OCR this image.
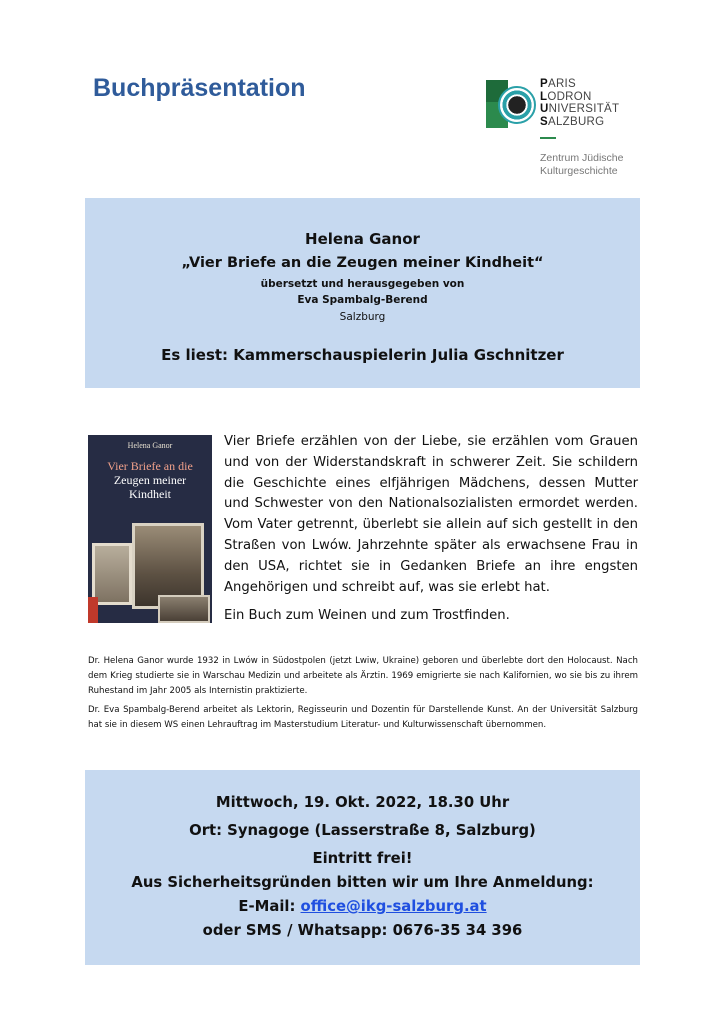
Buchpräsentation	PARIS
LODRON
UNIVERSITÄT
SALZBURG
Zentrum Jüdische
Kulturgeschichte
Helena Ganor
„Vier Briefe an die Zeugen meiner Kindheit“
übersetzt und herausgegeben von
Eva Spambalg-Berend
Salzburg
Es liest: Kammerschauspielerin Julia Gschnitzer
Helena Ganor
Vier Briefe an die
Zeugen meiner
Kindheit

Vier Briefe erzählen von der Liebe, sie erzählen vom Grauen und von der Widerstandskraft in schwerer Zeit. Sie schildern die Geschichte eines elfjährigen Mädchens, dessen Mutter und Schwester von den Nationalsozialisten ermordet werden. Vom Vater getrennt, überlebt sie allein auf sich gestellt in den Straßen von Lwów. Jahrzehnte später als erwachsene Frau in den USA, richtet sie in Gedanken Briefe an ihre engsten Angehörigen und schreibt auf, was sie erlebt hat.

Ein Buch zum Weinen und zum Trostfinden.

Dr. Helena Ganor wurde 1932 in Lwów in Südostpolen (jetzt Lwiw, Ukraine) geboren und überlebte dort den Holocaust. Nach dem Krieg studierte sie in Warschau Medizin und arbeitete als Ärztin. 1969 emigrierte sie nach Kalifornien, wo sie bis zu ihrem Ruhestand im Jahr 2005 als Internistin praktizierte.
Dr. Eva Spambalg-Berend arbeitet als Lektorin, Regisseurin und Dozentin für Darstellende Kunst. An der Universität Salzburg hat sie in diesem WS einen Lehrauftrag im Masterstudium Literatur- und Kulturwissenschaft übernommen.
Mittwoch, 19. Okt. 2022, 18.30 Uhr
Ort: Synagoge (Lasserstraße 8, Salzburg)
Eintritt frei!
Aus Sicherheitsgründen bitten wir um Ihre Anmeldung:
E-Mail: office@ikg-salzburg.at
oder SMS / Whatsapp: 0676-35 34 396
